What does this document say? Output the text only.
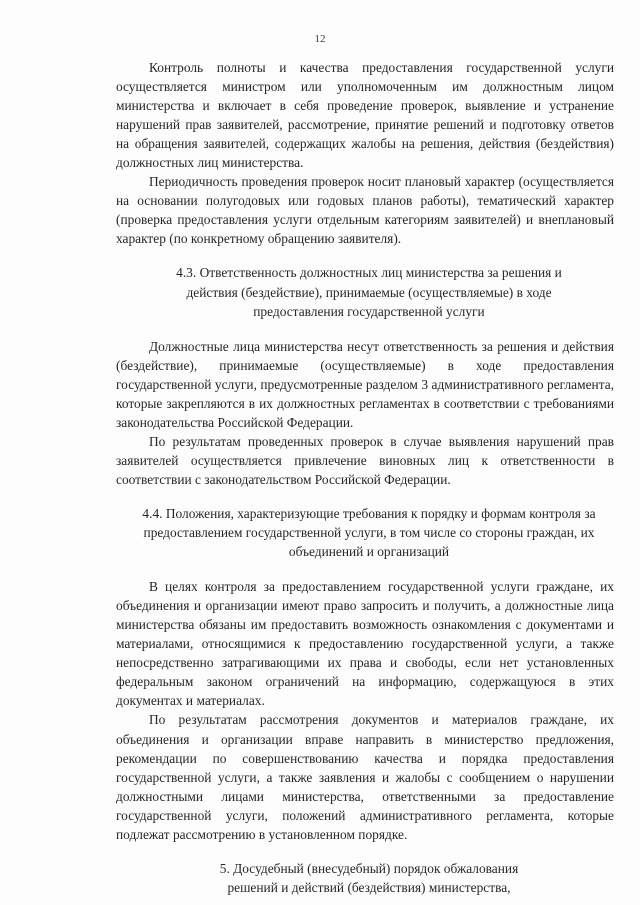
12

Контроль полноты и качества предоставления государственной услуги осуществляется министром или уполномоченным им должностным лицом министерства и включает в себя проведение проверок, выявление и устранение нарушений прав заявителей, рассмотрение, принятие решений и подготовку ответов на обращения заявителей, содержащих жалобы на решения, действия (бездействия) должностных лиц министерства.

Периодичность проведения проверок носит плановый характер (осуществляется на основании полугодовых или годовых планов работы), тематический характер (проверка предоставления услуги отдельным категориям заявителей) и внеплановый характер (по конкретному обращению заявителя).

4.3. Ответственность должностных лиц министерства за решения и действия (бездействие), принимаемые (осуществляемые) в ходе предоставления государственной услуги

Должностные лица министерства несут ответственность за решения и действия (бездействие), принимаемые (осуществляемые) в ходе предоставления государственной услуги, предусмотренные разделом 3 административного регламента, которые закрепляются в их должностных регламентах в соответствии с требованиями законодательства Российской Федерации.

По результатам проведенных проверок в случае выявления нарушений прав заявителей осуществляется привлечение виновных лиц к ответственности в соответствии с законодательством Российской Федерации.

4.4. Положения, характеризующие требования к порядку и формам контроля за предоставлением государственной услуги, в том числе со стороны граждан, их объединений и организаций

В целях контроля за предоставлением государственной услуги граждане, их объединения и организации имеют право запросить и получить, а должностные лица министерства обязаны им предоставить возможность ознакомления с документами и материалами, относящимися к предоставлению государственной услуги, а также непосредственно затрагивающими их права и свободы, если нет установленных федеральным законом ограничений на информацию, содержащуюся в этих документах и материалах.

По результатам рассмотрения документов и материалов граждане, их объединения и организации вправе направить в министерство предложения, рекомендации по совершенствованию качества и порядка предоставления государственной услуги, а также заявления и жалобы с сообщением о нарушении должностными лицами министерства, ответственными за предоставление государственной услуги, положений административного регламента, которые подлежат рассмотрению в установленном порядке.

5. Досудебный (внесудебный) порядок обжалования решений и действий (бездействия) министерства,
